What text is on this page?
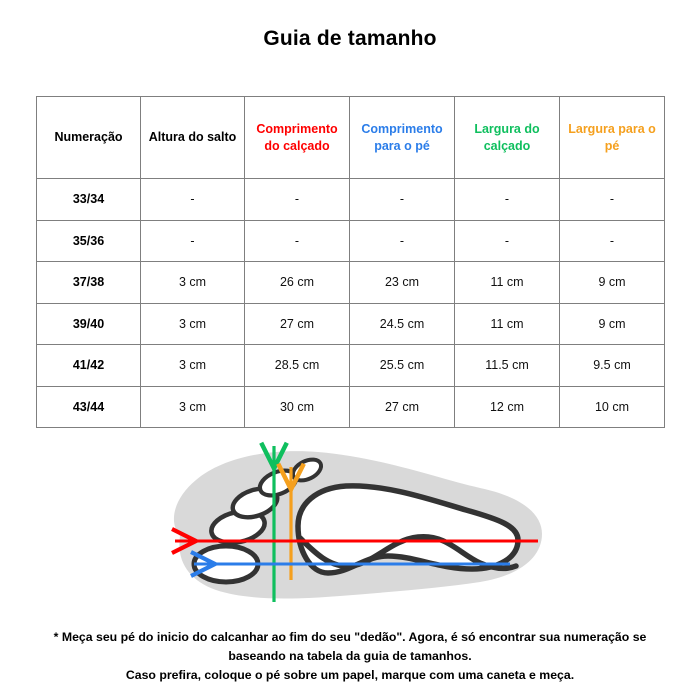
Guia de tamanho
Numeração	Altura do salto	Comprimento do calçado	Comprimento para o pé	Largura do calçado	Largura para o pé
33/34	-	-	-	-	-
35/36	-	-	-	-	-
37/38	3 cm	26 cm	23 cm	11 cm	9 cm
39/40	3 cm	27 cm	24.5 cm	11 cm	9 cm
41/42	3 cm	28.5 cm	25.5 cm	11.5 cm	9.5 cm
43/44	3 cm	30 cm	27 cm	12 cm	10 cm
* Meça seu pé do inicio do calcanhar ao fim do seu "dedão". Agora, é só encontrar sua numeração se
baseando na tabela da guia de tamanhos.
Caso prefira, coloque o pé sobre um papel, marque com uma caneta e meça.
